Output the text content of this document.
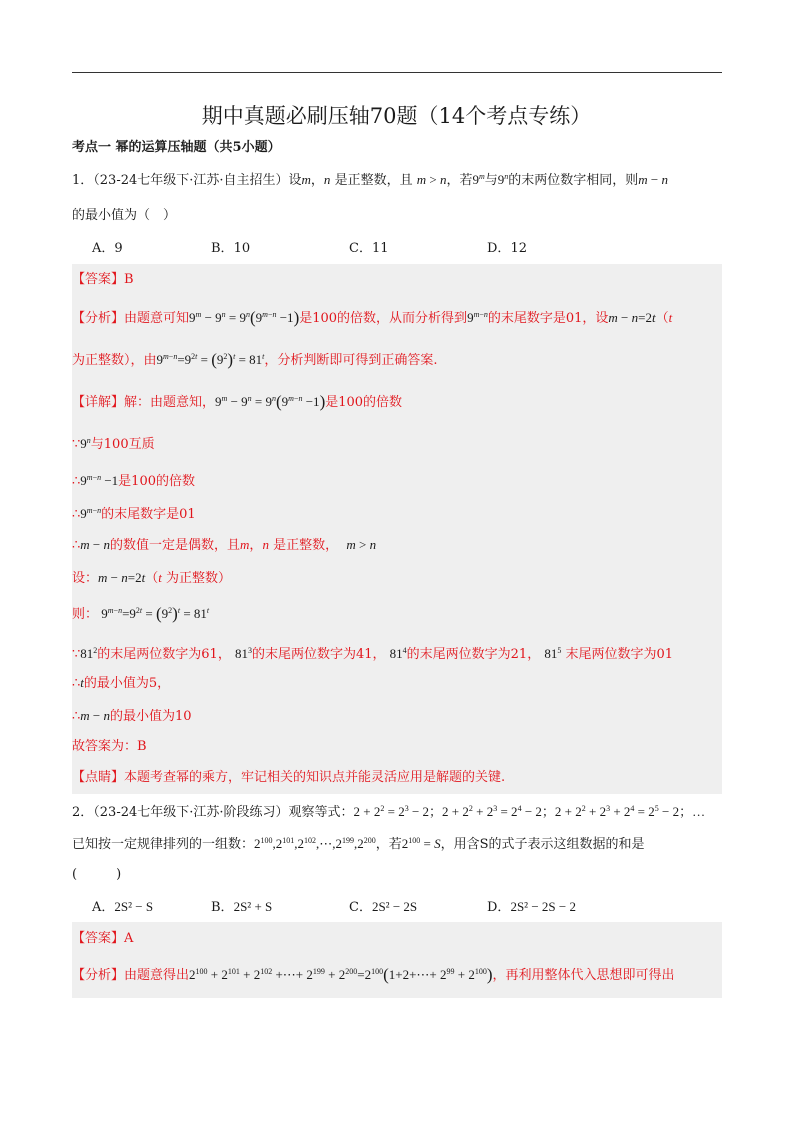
期中真题必刷压轴70题（14个考点专练）
考点一 幂的运算压轴题（共5小题）
1．（23-24七年级下·江苏·自主招生）设m，n 是正整数，且 m > n，若9$^m$与9$^n$的末两位数字相同，则m − n
的最小值为（　）
A．9	B．10	C．11	D．12
【答案】B
【分析】由题意可知$9^m - 9^n = 9^n(9^{m-n} -1)$是100的倍数，从而分析得到$9^{m-n}$的末尾数字是01，设m − n=2t（t
为正整数），由$9^{m-n}=9^{2t} = (9^2)^t = 81^t$，分析判断即可得到正确答案.
【详解】解：由题意知，$9^m - 9^n = 9^n(9^{m-n} -1)$是100的倍数
∵9$^n$与100互质
$\therefore 9^{m-n} -1$是100的倍数
$\therefore 9^{m-n}$的末尾数字是01
∴m − n的数值一定是偶数，且m，n 是正整数， m > n
设：m − n=2t（t 为正整数）
则： $9^{m-n}=9^{2t} = (9^2)^t = 81^t$
$\because 81^2$的末尾两位数字为61， $81^3$的末尾两位数字为41， $81^4$的末尾两位数字为21， $81^5$ 末尾两位数字为01
∴t的最小值为5，
∴m − n的最小值为10
故答案为：B
【点睛】本题考查幂的乘方，牢记相关的知识点并能灵活应用是解题的关键.
2．（23-24七年级下·江苏·阶段练习）观察等式：$2 + 2^2 = 2^3 - 2$；$2 + 2^2 + 2^3 = 2^4 - 2$；$2 + 2^2 + 2^3 + 2^4 = 2^5 - 2$；…
已知按一定规律排列的一组数：$2^{100},2^{101},2^{102},\cdots,2^{199},2^{200}$，若$2^{100} = S$，用含S的式子表示这组数据的和是
(　　　)
A．2S² − S	B．2S² + S	C．2S² − 2S	D．2S² − 2S − 2
【答案】A
【分析】由题意得出$2^{100} + 2^{101} + 2^{102}$ +⋯+ $2^{199}$ + $2^{200}=2^{100}(1+2+\cdots+ 2^{99} + 2^{100})$，再利用整体代入思想即可得出
